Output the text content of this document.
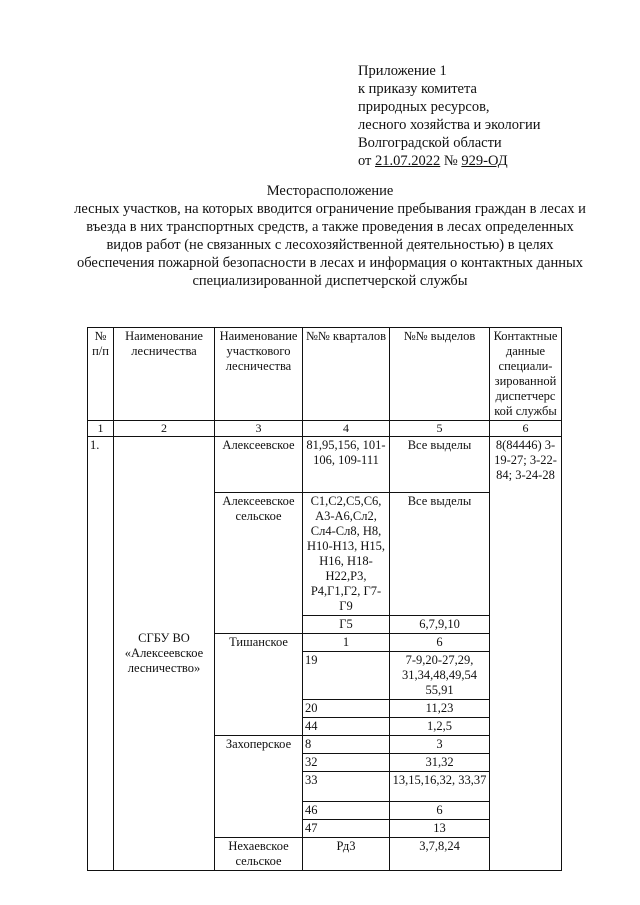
Приложение 1
к приказу комитета
природных ресурсов,
лесного хозяйства и экологии
Волгоградской области
от 21.07.2022 № 929-ОД
Месторасположение
лесных участков, на которых вводится ограничение пребывания граждан в лесах и въезда в них транспортных средств, а также проведения в лесах определенных видов работ (не связанных с лесохозяйственной деятельностью) в целях обеспечения пожарной безопасности в лесах и информация о контактных данных специализированной диспетчерской службы
№ п/п	Наименование лесничества	Наименование участкового лесничества	№№ кварталов	№№ выделов	Контактные данные специали-зированной диспетчерс кой службы
1	2	3	4	5	6
1.	СГБУ ВО «Алексеевское лесничество»	Алексеевское	81,95,156, 101-106, 109-111	Все выделы	8(84446) 3-19-27; 3-22-84; 3-24-28
		Алексеевское сельское	С1,С2,С5,С6, А3-А6,Сл2, Сл4-Сл8, Н8, Н10-Н13, Н15, Н16, Н18-Н22,Р3, Р4,Г1,Г2, Г7-Г9	Все выделы	
			Г5	6,7,9,10	
		Тишанское	1	6	
			19	7-9,20-27,29, 31,34,48,49,54 55,91	
			20	11,23	
			44	1,2,5	
		Захоперское	8	3	
			32	31,32	
			33	13,15,16,32, 33,37	
			46	6	
			47	13	
		Нехаевское сельское	Рд3	3,7,8,24	
